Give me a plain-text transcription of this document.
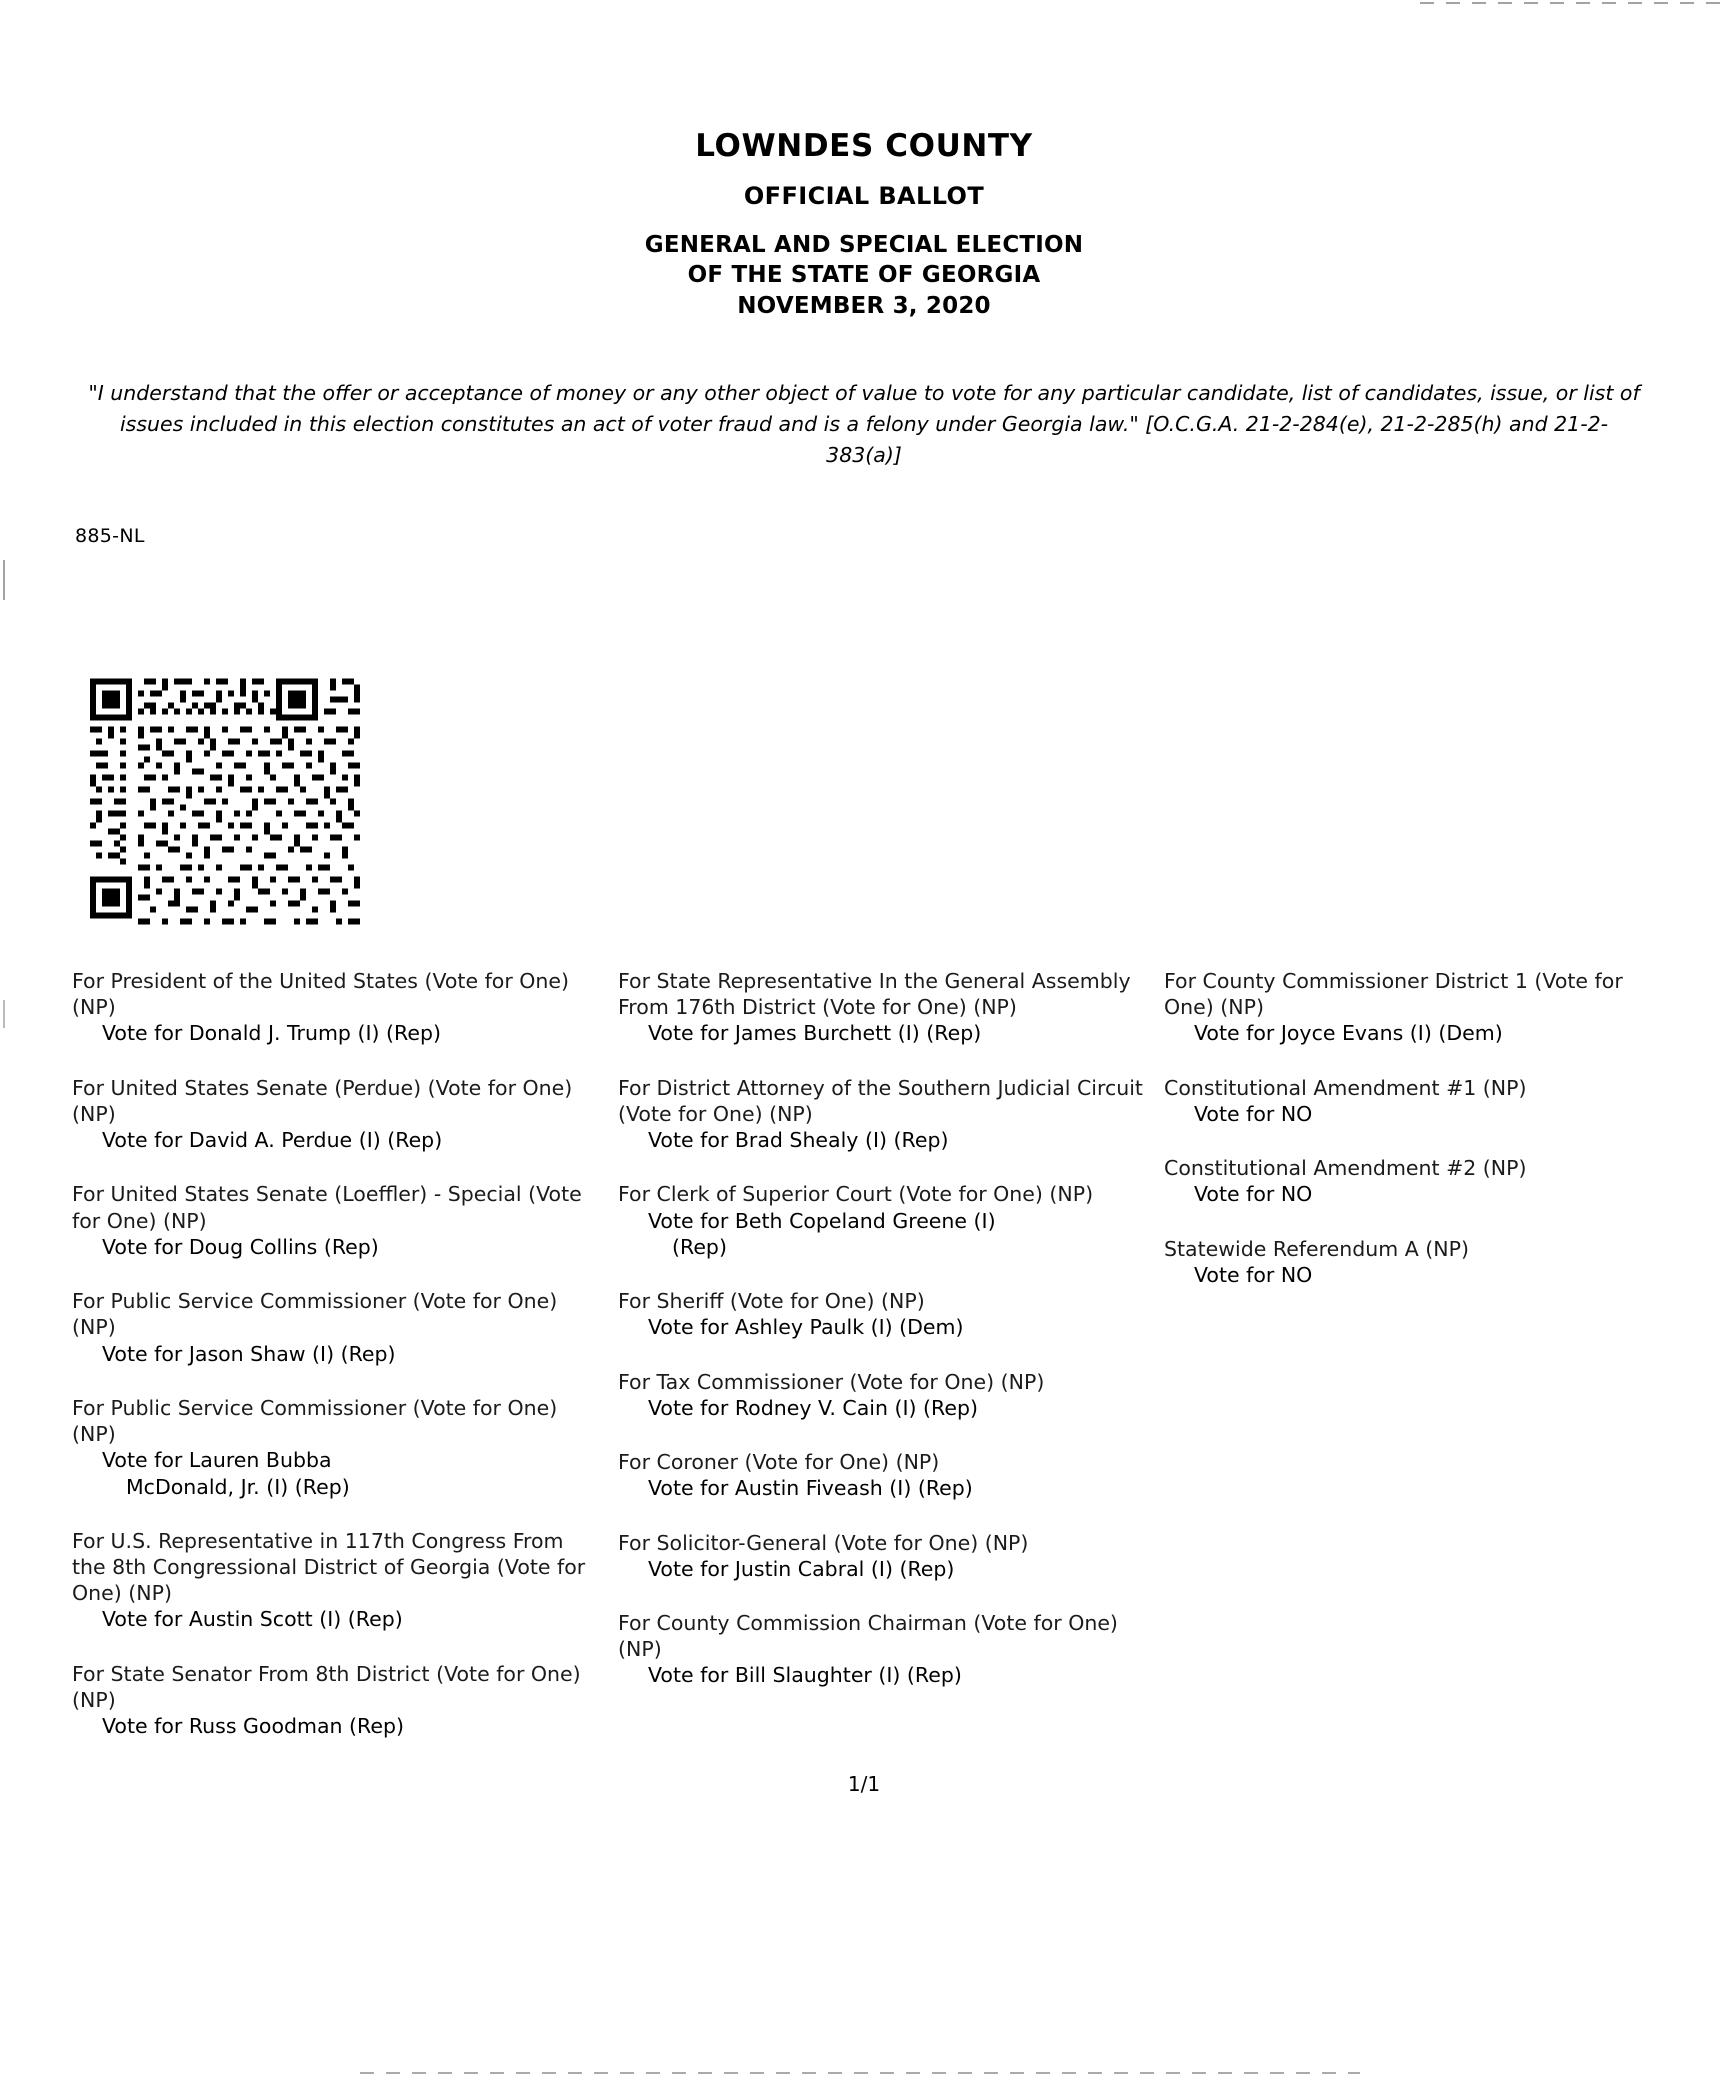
LOWNDES COUNTY
OFFICIAL BALLOT
GENERAL AND SPECIAL ELECTION
OF THE STATE OF GEORGIA
NOVEMBER 3, 2020
"I understand that the offer or acceptance of money or any other object of value to vote for any particular candidate, list of candidates, issue, or list of issues included in this election constitutes an act of voter fraud and is a felony under Georgia law." [O.C.G.A. 21-2-284(e), 21-2-285(h) and 21-2-383(a)]
885-NL
For President of the United States (Vote for One) (NP)
Vote for Donald J. Trump (I) (Rep)
For United States Senate (Perdue) (Vote for One) (NP)
Vote for David A. Perdue (I) (Rep)
For United States Senate (Loeffler) - Special (Vote for One) (NP)
Vote for Doug Collins (Rep)
For Public Service Commissioner (Vote for One) (NP)
Vote for Jason Shaw (I) (Rep)
For Public Service Commissioner (Vote for One) (NP)
Vote for Lauren Bubba
McDonald, Jr. (I) (Rep)
For U.S. Representative in 117th Congress From the 8th Congressional District of Georgia (Vote for One) (NP)
Vote for Austin Scott (I) (Rep)
For State Senator From 8th District (Vote for One) (NP)
Vote for Russ Goodman (Rep)
For State Representative In the General Assembly From 176th District (Vote for One) (NP)
Vote for James Burchett (I) (Rep)
For District Attorney of the Southern Judicial Circuit (Vote for One) (NP)
Vote for Brad Shealy (I) (Rep)
For Clerk of Superior Court (Vote for One) (NP)
Vote for Beth Copeland Greene (I)
(Rep)
For Sheriff (Vote for One) (NP)
Vote for Ashley Paulk (I) (Dem)
For Tax Commissioner (Vote for One) (NP)
Vote for Rodney V. Cain (I) (Rep)
For Coroner (Vote for One) (NP)
Vote for Austin Fiveash (I) (Rep)
For Solicitor-General (Vote for One) (NP)
Vote for Justin Cabral (I) (Rep)
For County Commission Chairman (Vote for One) (NP)
Vote for Bill Slaughter (I) (Rep)
For County Commissioner District 1 (Vote for One) (NP)
Vote for Joyce Evans (I) (Dem)
Constitutional Amendment #1 (NP)
Vote for NO
Constitutional Amendment #2 (NP)
Vote for NO
Statewide Referendum A (NP)
Vote for NO
1/1
